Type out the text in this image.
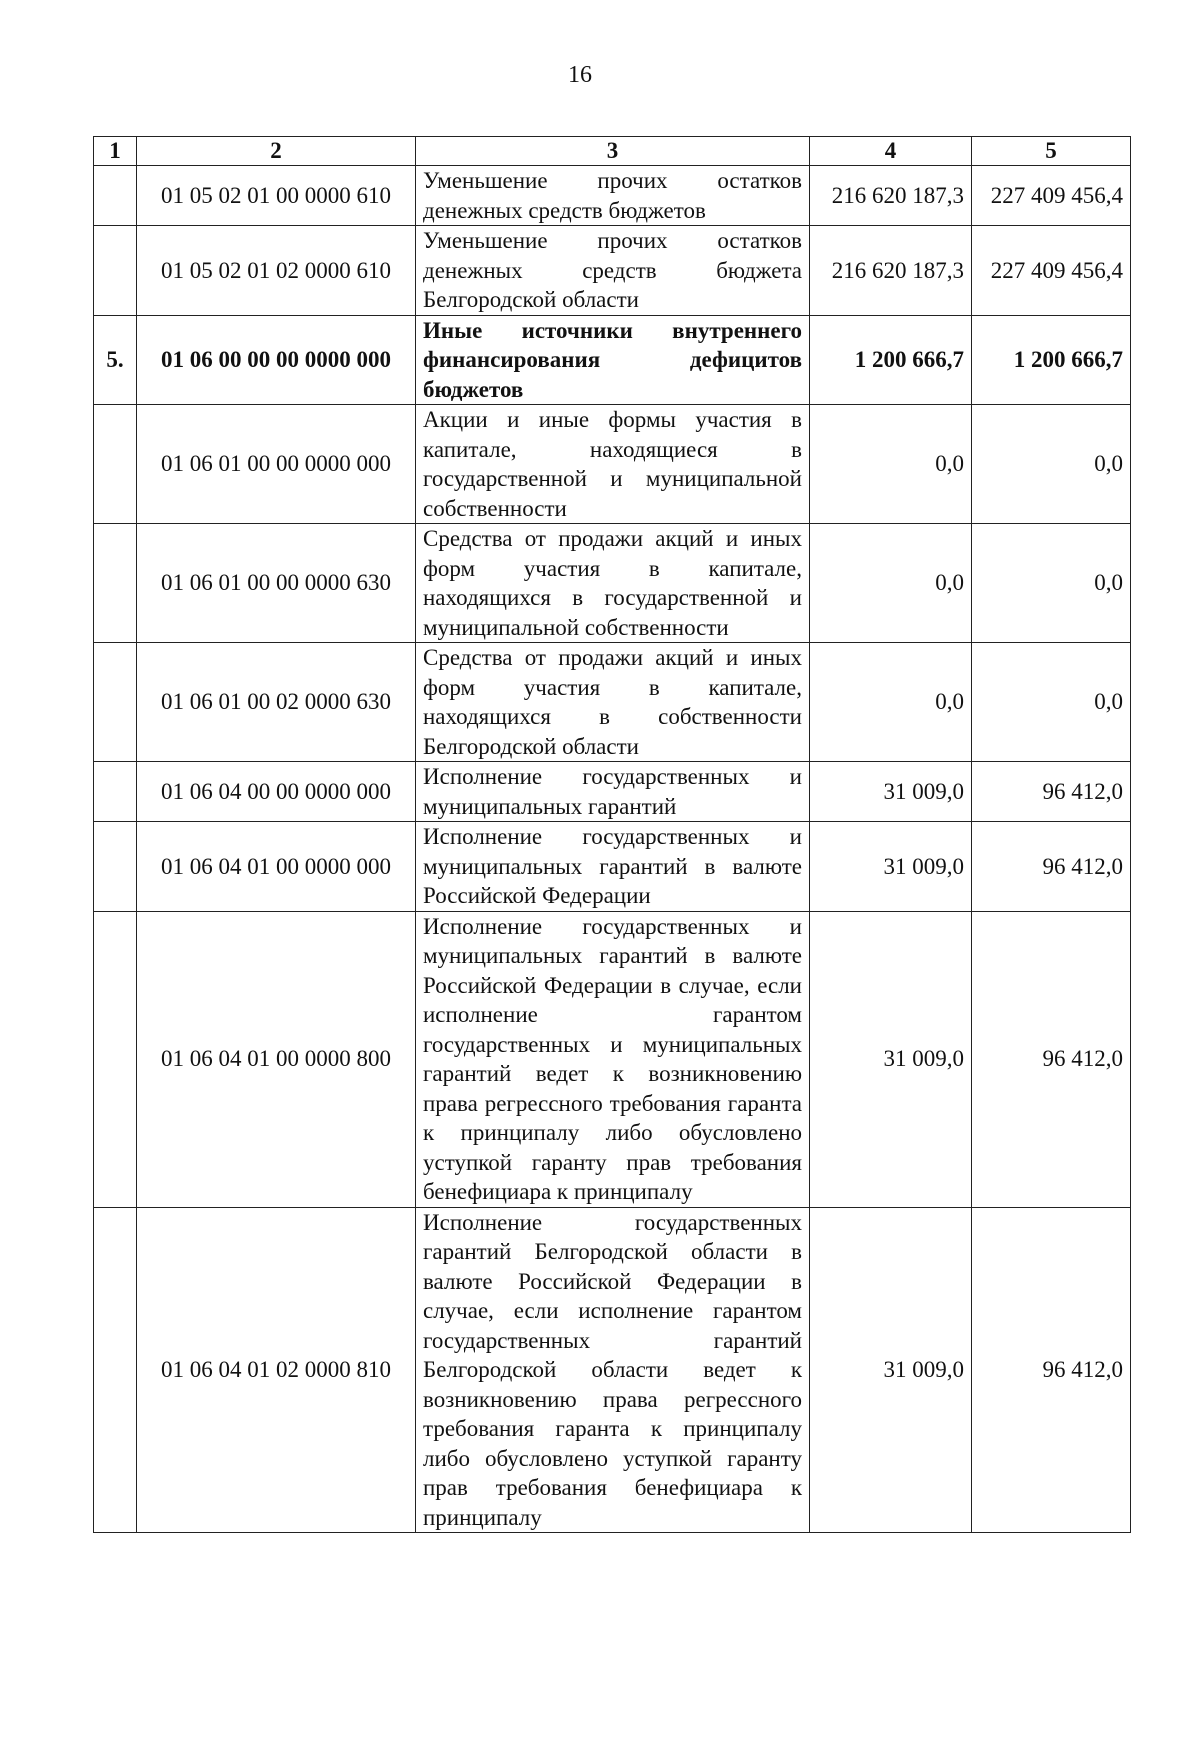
16
1	2	3	4	5
	01 05 02 01 00 0000 610	Уменьшение прочих остатков денежных средств бюджетов	216 620 187,3	227 409 456,4
	01 05 02 01 02 0000 610	Уменьшение прочих остатков денежных средств бюджета Белгородской области	216 620 187,3	227 409 456,4
5.	01 06 00 00 00 0000 000	Иные источники внутреннего финансирования дефицитов бюджетов	1 200 666,7	1 200 666,7
	01 06 01 00 00 0000 000	Акции и иные формы участия в капитале, находящиеся в государственной и муниципальной собственности	0,0	0,0
	01 06 01 00 00 0000 630	Средства от продажи акций и иных форм участия в капитале, находящихся в государственной и муниципальной собственности	0,0	0,0
	01 06 01 00 02 0000 630	Средства от продажи акций и иных форм участия в капитале, находящихся в собственности Белгородской области	0,0	0,0
	01 06 04 00 00 0000 000	Исполнение государственных и муниципальных гарантий	31 009,0	96 412,0
	01 06 04 01 00 0000 000	Исполнение государственных и муниципальных гарантий в валюте Российской Федерации	31 009,0	96 412,0
	01 06 04 01 00 0000 800	Исполнение государственных и муниципальных гарантий в валюте Российской Федерации в случае, если исполнение гарантом государственных и муниципальных гарантий ведет к возникновению права регрессного требования гаранта к принципалу либо обусловлено уступкой гаранту прав требования бенефициара к принципалу	31 009,0	96 412,0
	01 06 04 01 02 0000 810	Исполнение государственных гарантий Белгородской области в валюте Российской Федерации в случае, если исполнение гарантом государственных гарантий Белгородской области ведет к возникновению права регрессного требования гаранта к принципалу либо обусловлено уступкой гаранту прав требования бенефициара к принципалу	31 009,0	96 412,0
